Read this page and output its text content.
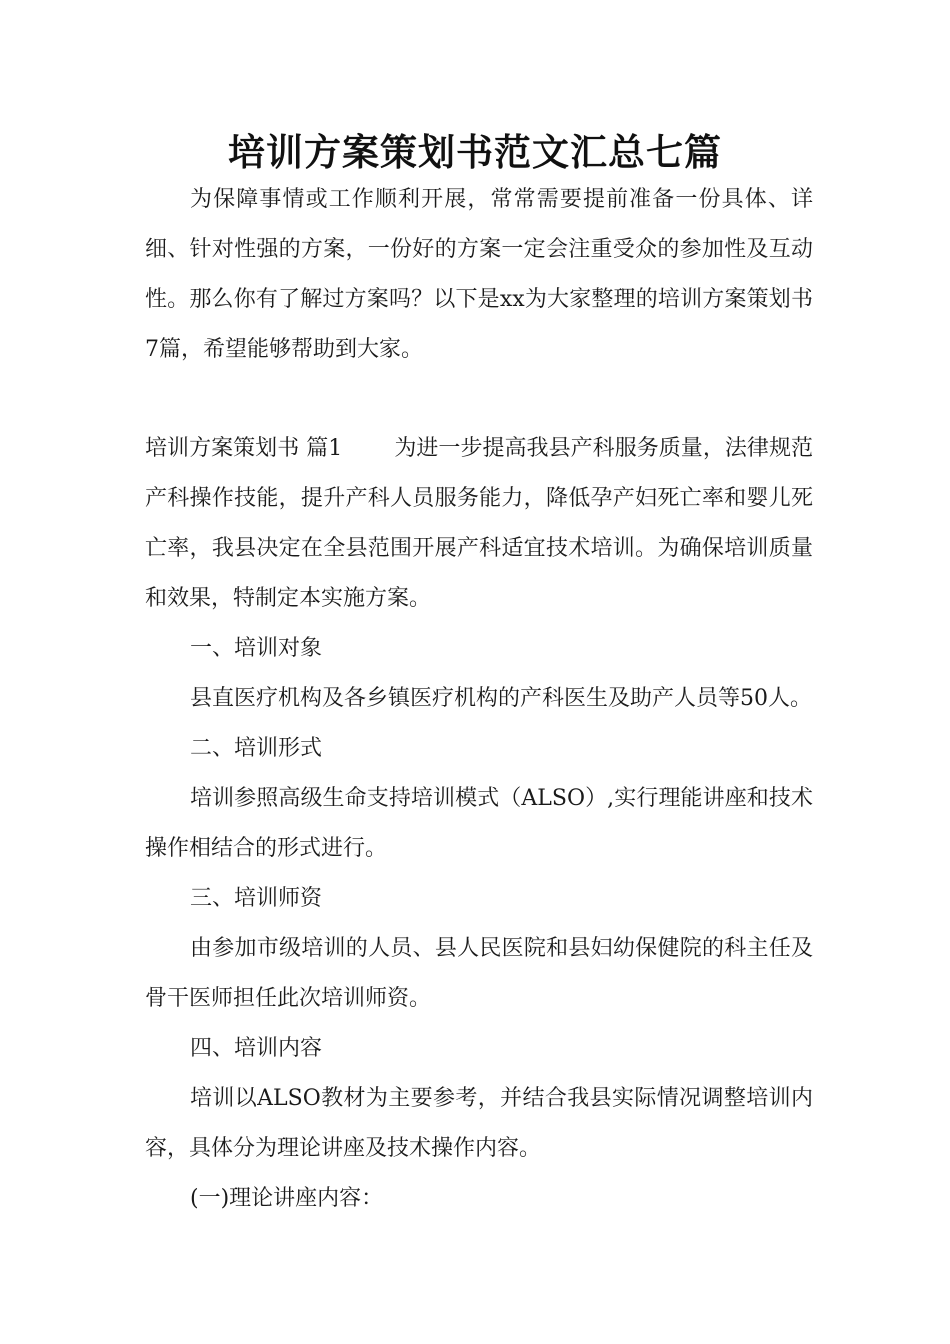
培训方案策划书范文汇总七篇

为保障事情或工作顺利开展，常常需要提前准备一份具体、详细、针对性强的方案，一份好的方案一定会注重受众的参加性及互动性。那么你有了解过方案吗？以下是xx为大家整理的培训方案策划书7篇，希望能够帮助到大家。

培训方案策划书 篇1 为进一步提高我县产科服务质量，法律规范产科操作技能，提升产科人员服务能力，降低孕产妇死亡率和婴儿死亡率，我县决定在全县范围开展产科适宜技术培训。为确保培训质量和效果，特制定本实施方案。

一、培训对象

县直医疗机构及各乡镇医疗机构的产科医生及助产人员等50人。

二、培训形式

培训参照高级生命支持培训模式（ALSO）,实行理能讲座和技术操作相结合的形式进行。

三、培训师资

由参加市级培训的人员、县人民医院和县妇幼保健院的科主任及骨干医师担任此次培训师资。

四、培训内容

培训以ALSO教材为主要参考，并结合我县实际情况调整培训内容，具体分为理论讲座及技术操作内容。

(一)理论讲座内容：
